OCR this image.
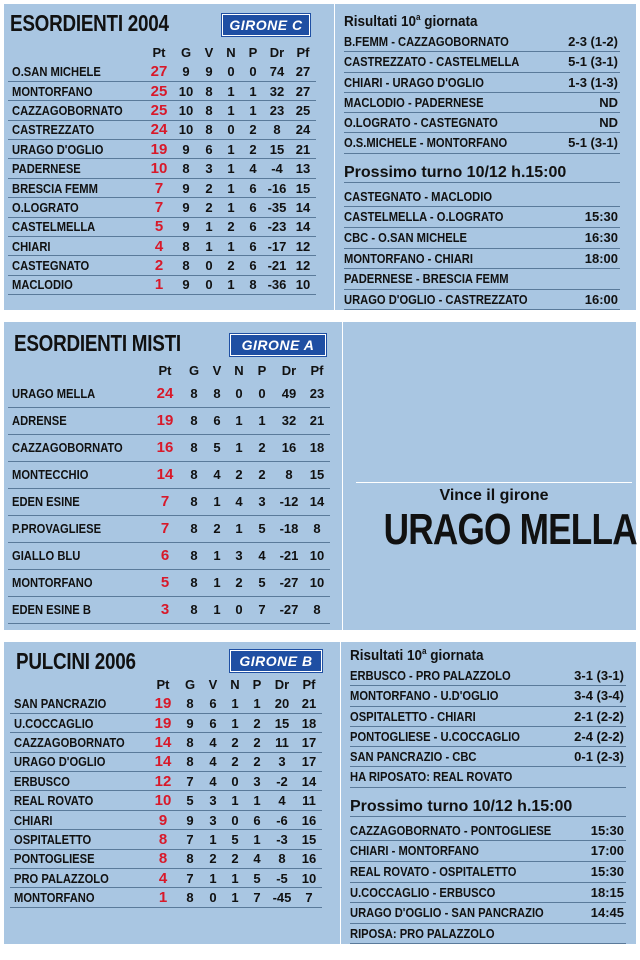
ESORDIENTI 2004	GIRONE C
	Pt	G	V	N	P	Dr	Pf
O.SAN MICHELE	27	9	9	0	0	74	27
MONTORFANO	25	10	8	1	1	32	27
CAZZAGOBORNATO	25	10	8	1	1	23	25
CASTREZZATO	24	10	8	0	2	8	24
URAGO D'OGLIO	19	9	6	1	2	15	21
PADERNESE	10	8	3	1	4	-4	13
BRESCIA FEMM	7	9	2	1	6	-16	15
O.LOGRATO	7	9	2	1	6	-35	14
CASTELMELLA	5	9	1	2	6	-23	14
CHIARI	4	8	1	1	6	-17	12
CASTEGNATO	2	8	0	2	6	-21	12
MACLODIO	1	9	0	1	8	-36	10
Risultati 10$^a$ giornata
B.FEMM - CAZZAGOBORNATO	2-3 (1-2)
CASTREZZATO - CASTELMELLA	5-1 (3-1)
CHIARI - URAGO D'OGLIO	1-3 (1-3)
MACLODIO - PADERNESE	ND
O.LOGRATO - CASTEGNATO	ND
O.S.MICHELE - MONTORFANO	5-1 (3-1)
Prossimo turno 10/12 h.15:00
CASTEGNATO - MACLODIO
CASTELMELLA - O.LOGRATO	15:30
CBC - O.SAN MICHELE	16:30
MONTORFANO - CHIARI	18:00
PADERNESE - BRESCIA FEMM
URAGO D'OGLIO - CASTREZZATO	16:00
ESORDIENTI MISTI	GIRONE A
	Pt	G	V	N	P	Dr	Pf
URAGO MELLA	24	8	8	0	0	49	23
ADRENSE	19	8	6	1	1	32	21
CAZZAGOBORNATO	16	8	5	1	2	16	18
MONTECCHIO	14	8	4	2	2	8	15
EDEN ESINE	7	8	1	4	3	-12	14
P.PROVAGLIESE	7	8	2	1	5	-18	8
GIALLO BLU	6	8	1	3	4	-21	10
MONTORFANO	5	8	1	2	5	-27	10
EDEN ESINE B	3	8	1	0	7	-27	8
Vince il girone
URAGO MELLA
PULCINI 2006	GIRONE B
	Pt	G	V	N	P	Dr	Pf
SAN PANCRAZIO	19	8	6	1	1	20	21
U.COCCAGLIO	19	9	6	1	2	15	18
CAZZAGOBORNATO	14	8	4	2	2	11	17
URAGO D'OGLIO	14	8	4	2	2	3	17
ERBUSCO	12	7	4	0	3	-2	14
REAL ROVATO	10	5	3	1	1	4	11
CHIARI	9	9	3	0	6	-6	16
OSPITALETTO	8	7	1	5	1	-3	15
PONTOGLIESE	8	8	2	2	4	8	16
PRO PALAZZOLO	4	7	1	1	5	-5	10
MONTORFANO	1	8	0	1	7	-45	7
Risultati 10$^a$ giornata
ERBUSCO - PRO PALAZZOLO	3-1 (3-1)
MONTORFANO - U.D'OGLIO	3-4 (3-4)
OSPITALETTO - CHIARI	2-1 (2-2)
PONTOGLIESE - U.COCCAGLIO	2-4 (2-2)
SAN PANCRAZIO - CBC	0-1 (2-3)
HA RIPOSATO: REAL ROVATO
Prossimo turno 10/12 h.15:00
CAZZAGOBORNATO - PONTOGLIESE	15:30
CHIARI - MONTORFANO	17:00
REAL ROVATO - OSPITALETTO	15:30
U.COCCAGLIO - ERBUSCO	18:15
URAGO D'OGLIO - SAN PANCRAZIO	14:45
RIPOSA: PRO PALAZZOLO
